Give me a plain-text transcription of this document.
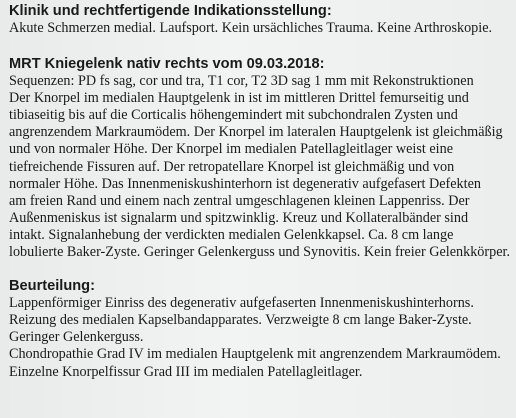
Klinik und rechtfertigende Indikationsstellung:
Akute Schmerzen medial. Laufsport. Kein ursächliches Trauma. Keine Arthroskopie.
MRT Kniegelenk nativ rechts vom 09.03.2018:
Sequenzen: PD fs sag, cor und tra, T1 cor, T2 3D sag 1 mm mit Rekonstruktionen
Der Knorpel im medialen Hauptgelenk in ist im mittleren Drittel femurseitig und
tibiaseitig bis auf die Corticalis höhengemindert mit subchondralen Zysten und
angrenzendem Markraumödem. Der Knorpel im lateralen Hauptgelenk ist gleichmäßig
und von normaler Höhe. Der Knorpel im medialen Patellagleitlager weist eine
tiefreichende Fissuren auf. Der retropatellare Knorpel ist gleichmäßig und von
normaler Höhe. Das Innenmeniskushinterhorn ist degenerativ aufgefasert Defekten
am freien Rand und einem nach zentral umgeschlagenen kleinen Lappenriss. Der
Außenmeniskus ist signalarm und spitzwinklig. Kreuz und Kollateralbänder sind
intakt. Signalanhebung der verdickten medialen Gelenkkapsel. Ca. 8 cm lange
lobulierte Baker-Zyste. Geringer Gelenkerguss und Synovitis. Kein freier Gelenkkörper.
Beurteilung:
Lappenförmiger Einriss des degenerativ aufgefaserten Innenmeniskushinterhorns.
Reizung des medialen Kapselbandapparates. Verzweigte 8 cm lange Baker-Zyste.
Geringer Gelenkerguss.
Chondropathie Grad IV im medialen Hauptgelenk mit angrenzendem Markraumödem.
Einzelne Knorpelfissur Grad III im medialen Patellagleitlager.
